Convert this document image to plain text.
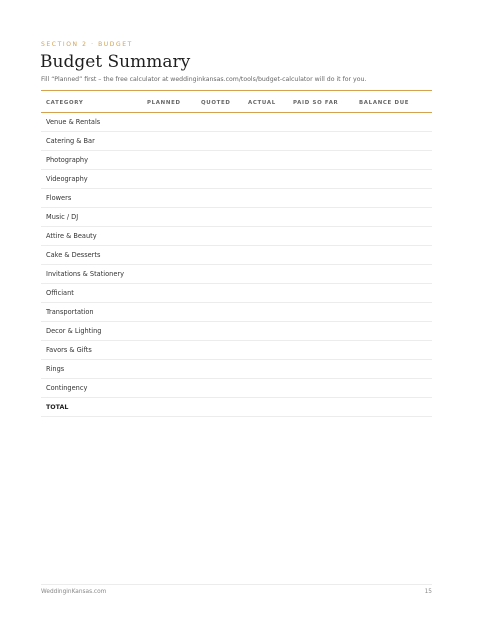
SECTION 2 · BUDGET
Budget Summary
Fill “Planned” first – the free calculator at weddinginkansas.com/tools/budget-calculator will do it for you.
CATEGORY	PLANNED	QUOTED	ACTUAL	PAID SO FAR	BALANCE DUE
Venue & Rentals					
Catering & Bar					
Photography					
Videography					
Flowers					
Music / DJ					
Attire & Beauty					
Cake & Desserts					
Invitations & Stationery					
Officiant					
Transportation					
Decor & Lighting					
Favors & Gifts					
Rings					
Contingency					
TOTAL					
WeddinginKansas.com	15
